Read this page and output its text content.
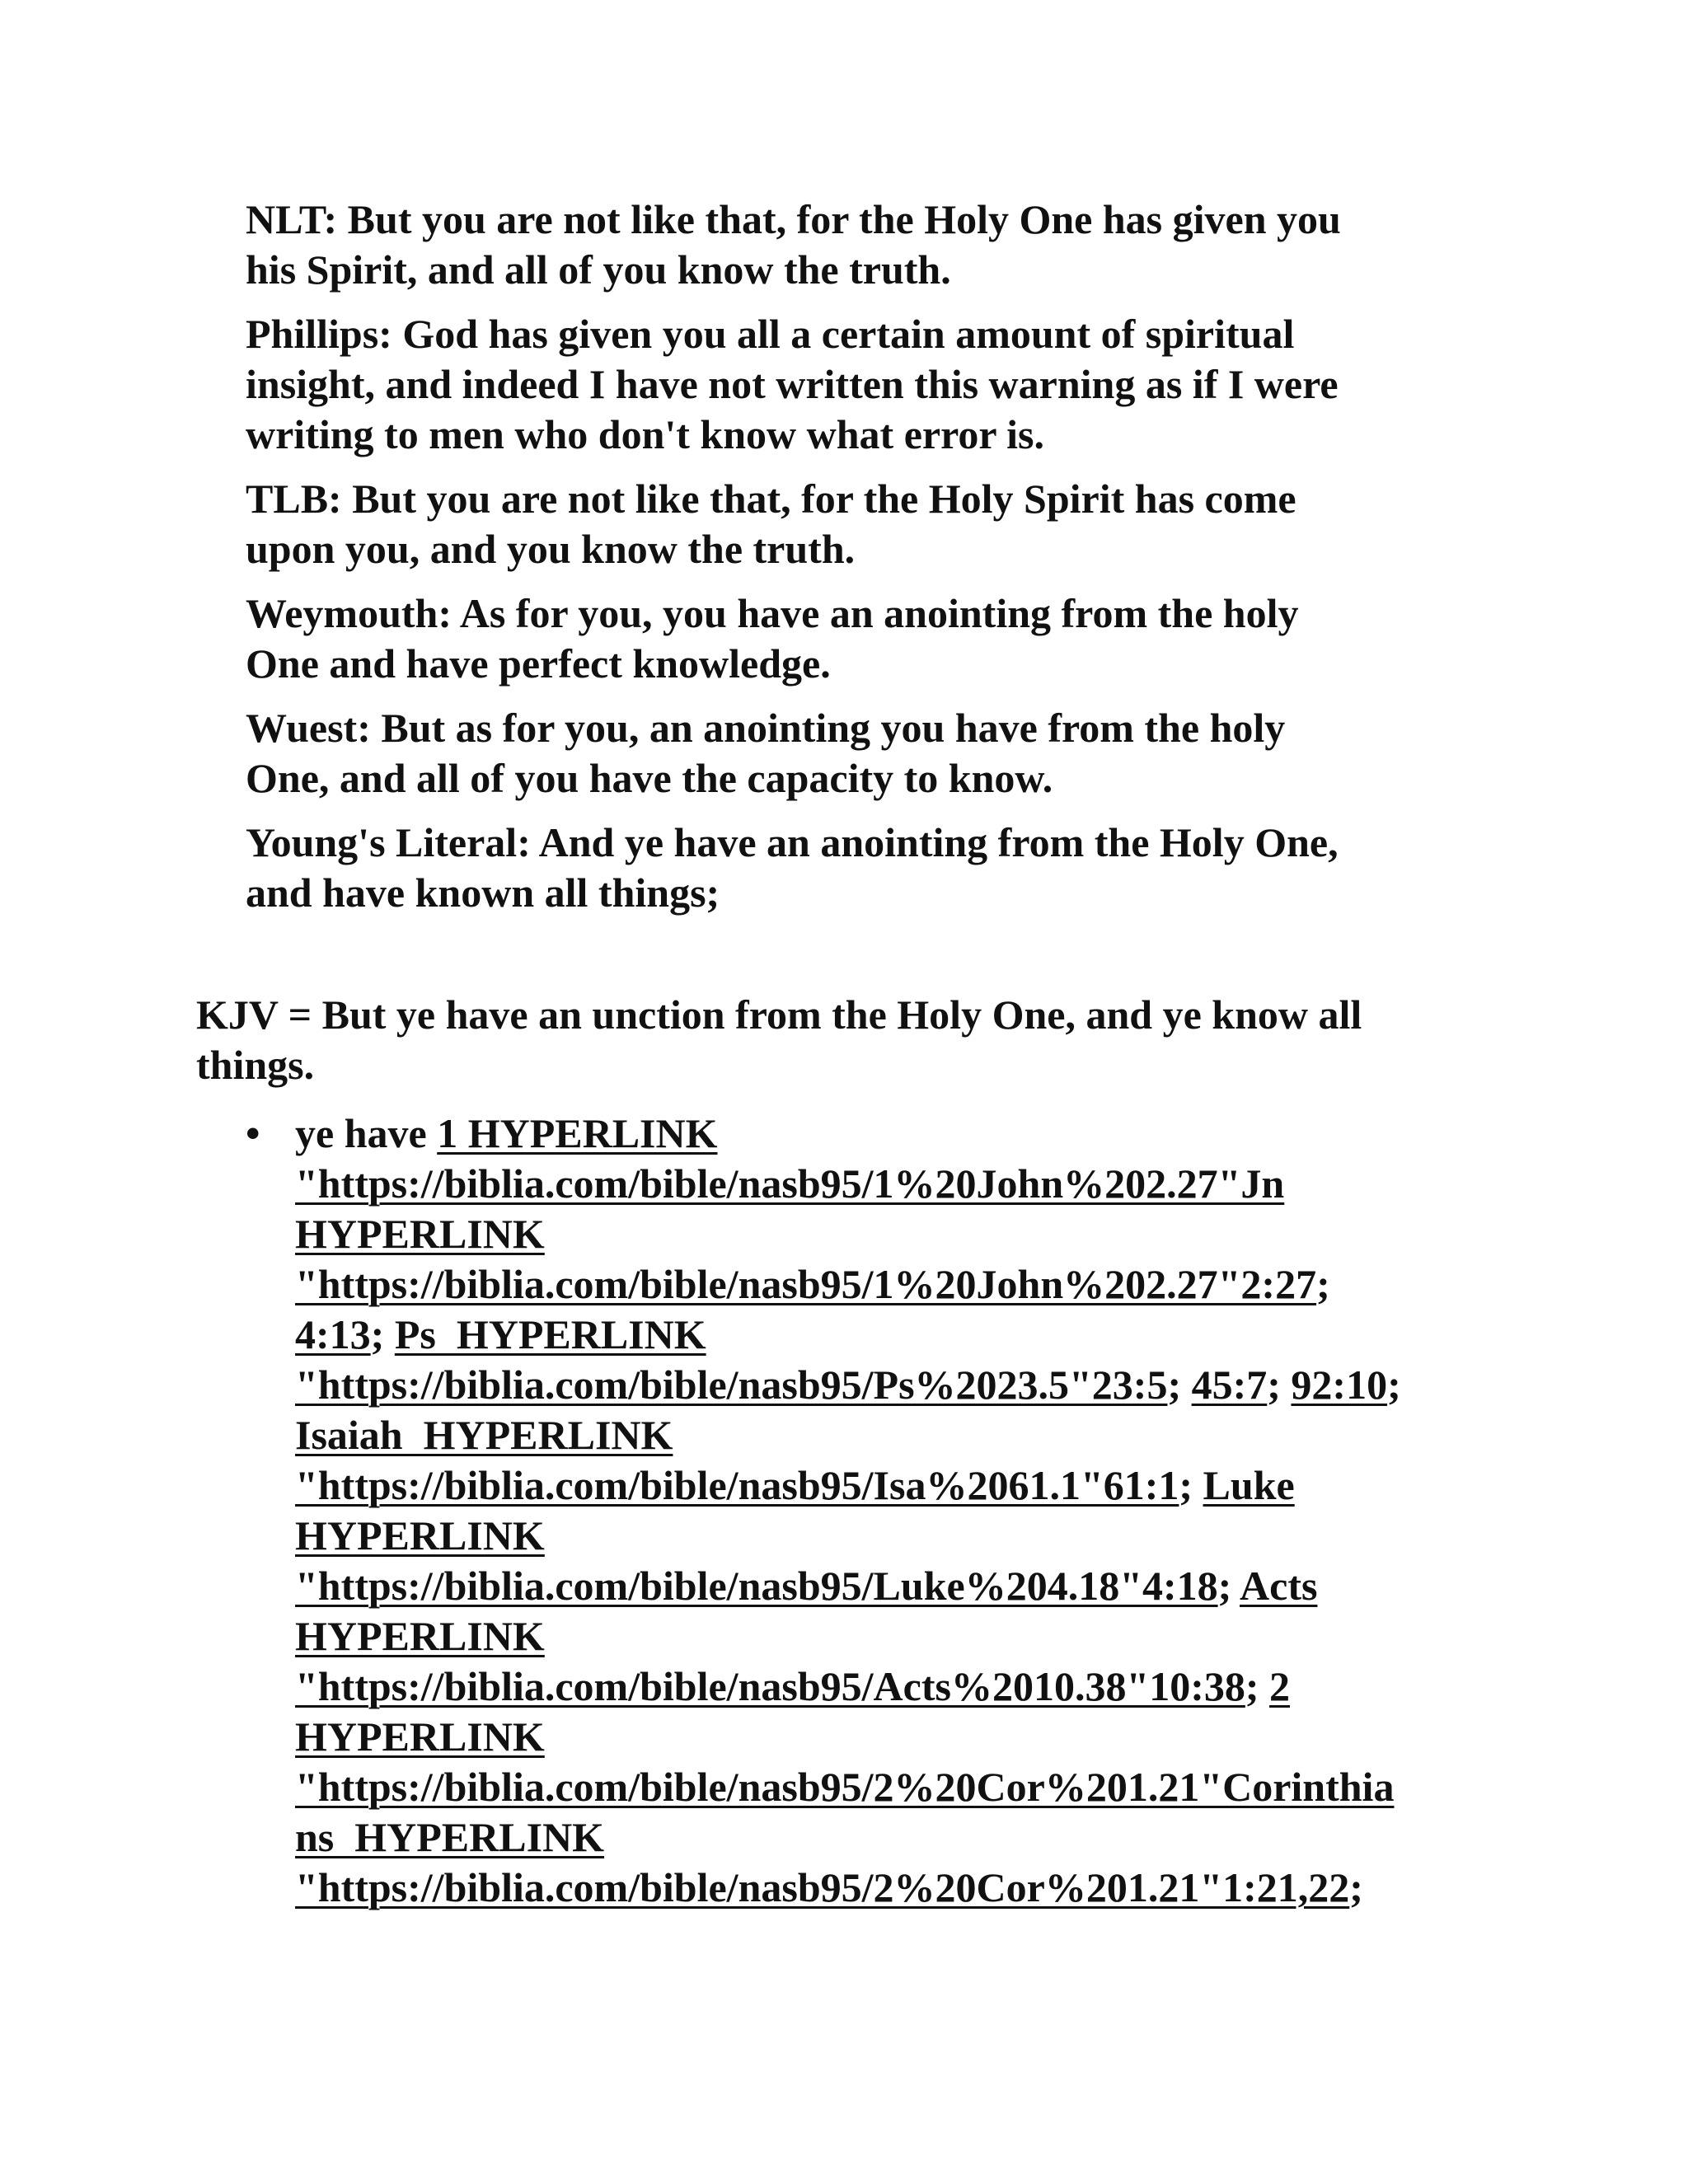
NLT: But you are not like that, for the Holy One has given you
his Spirit, and all of you know the truth.
Phillips: God has given you all a certain amount of spiritual
insight, and indeed I have not written this warning as if I were
writing to men who don't know what error is.
TLB: But you are not like that, for the Holy Spirit has come
upon you, and you know the truth.
Weymouth: As for you, you have an anointing from the holy
One and have perfect knowledge.
Wuest: But as for you, an anointing you have from the holy
One, and all of you have the capacity to know.
Young's Literal: And ye have an anointing from the Holy One,
and have known all things;
KJV = But ye have an unction from the Holy One, and ye know all
things.
• ye have 1 HYPERLINK
"https://biblia.com/bible/nasb95/1%20John%202.27"Jn
HYPERLINK
"https://biblia.com/bible/nasb95/1%20John%202.27"2:27;
4:13; Ps  HYPERLINK
"https://biblia.com/bible/nasb95/Ps%2023.5"23:5; 45:7; 92:10;
Isaiah  HYPERLINK
"https://biblia.com/bible/nasb95/Isa%2061.1"61:1; Luke
HYPERLINK
"https://biblia.com/bible/nasb95/Luke%204.18"4:18; Acts
HYPERLINK
"https://biblia.com/bible/nasb95/Acts%2010.38"10:38; 2
HYPERLINK
"https://biblia.com/bible/nasb95/2%20Cor%201.21"Corinthia
ns  HYPERLINK
"https://biblia.com/bible/nasb95/2%20Cor%201.21"1:21,22;
